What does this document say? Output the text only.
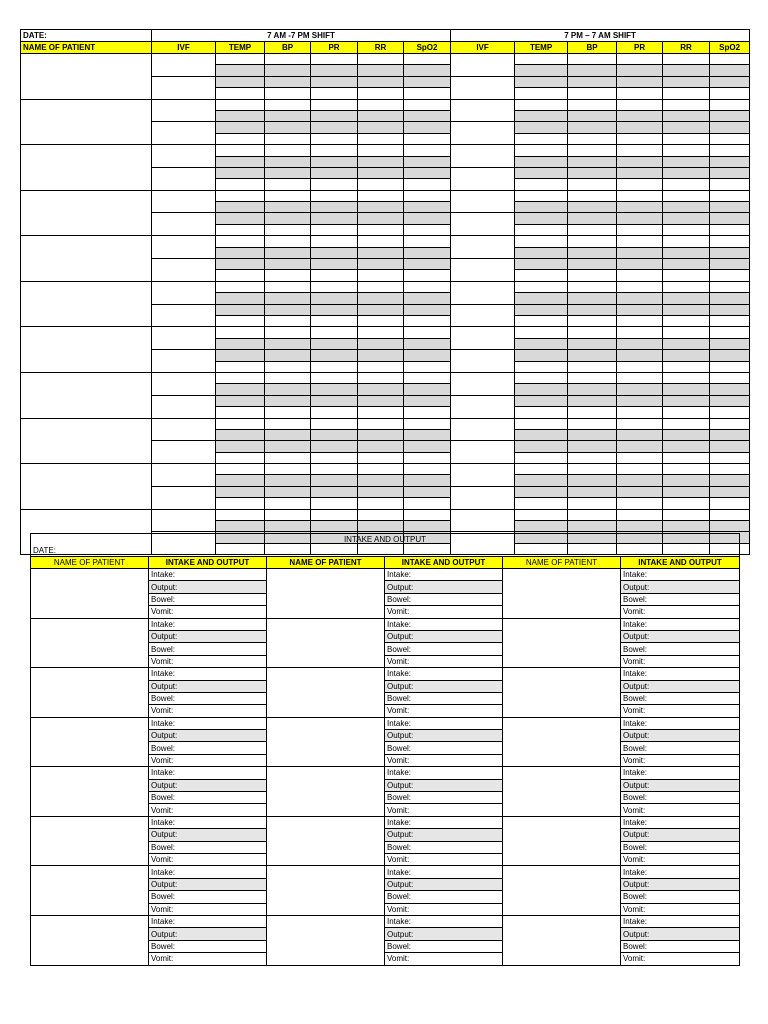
DATE:	7 AM -7 PM SHIFT						7 PM – 7 AM SHIFT					
NAME OF PATIENT	IVF	TEMP	BP	PR	RR	SpO2	IVF	TEMP	BP	PR	RR	SpO2

INTAKE AND OUTPUT					
DATE:					
NAME OF PATIENT	INTAKE AND OUTPUT	NAME OF PATIENT	INTAKE AND OUTPUT	NAME OF PATIENT	INTAKE AND OUTPUT
	Intake:		Intake:		Intake:
	Output:		Output:		Output:
	Bowel:		Bowel:		Bowel:
	Vomit:		Vomit:		Vomit:
	Intake:		Intake:		Intake:
	Output:		Output:		Output:
	Bowel:		Bowel:		Bowel:
	Vomit:		Vomit:		Vomit:
	Intake:		Intake:		Intake:
	Output:		Output:		Output:
	Bowel:		Bowel:		Bowel:
	Vomit:		Vomit:		Vomit:
	Intake:		Intake:		Intake:
	Output:		Output:		Output:
	Bowel:		Bowel:		Bowel:
	Vomit:		Vomit:		Vomit:
	Intake:		Intake:		Intake:
	Output:		Output:		Output:
	Bowel:		Bowel:		Bowel:
	Vomit:		Vomit:		Vomit:
	Intake:		Intake:		Intake:
	Output:		Output:		Output:
	Bowel:		Bowel:		Bowel:
	Vomit:		Vomit:		Vomit:
	Intake:		Intake:		Intake:
	Output:		Output:		Output:
	Bowel:		Bowel:		Bowel:
	Vomit:		Vomit:		Vomit:
	Intake:		Intake:		Intake:
	Output:		Output:		Output:
	Bowel:		Bowel:		Bowel:
	Vomit:		Vomit:		Vomit:
